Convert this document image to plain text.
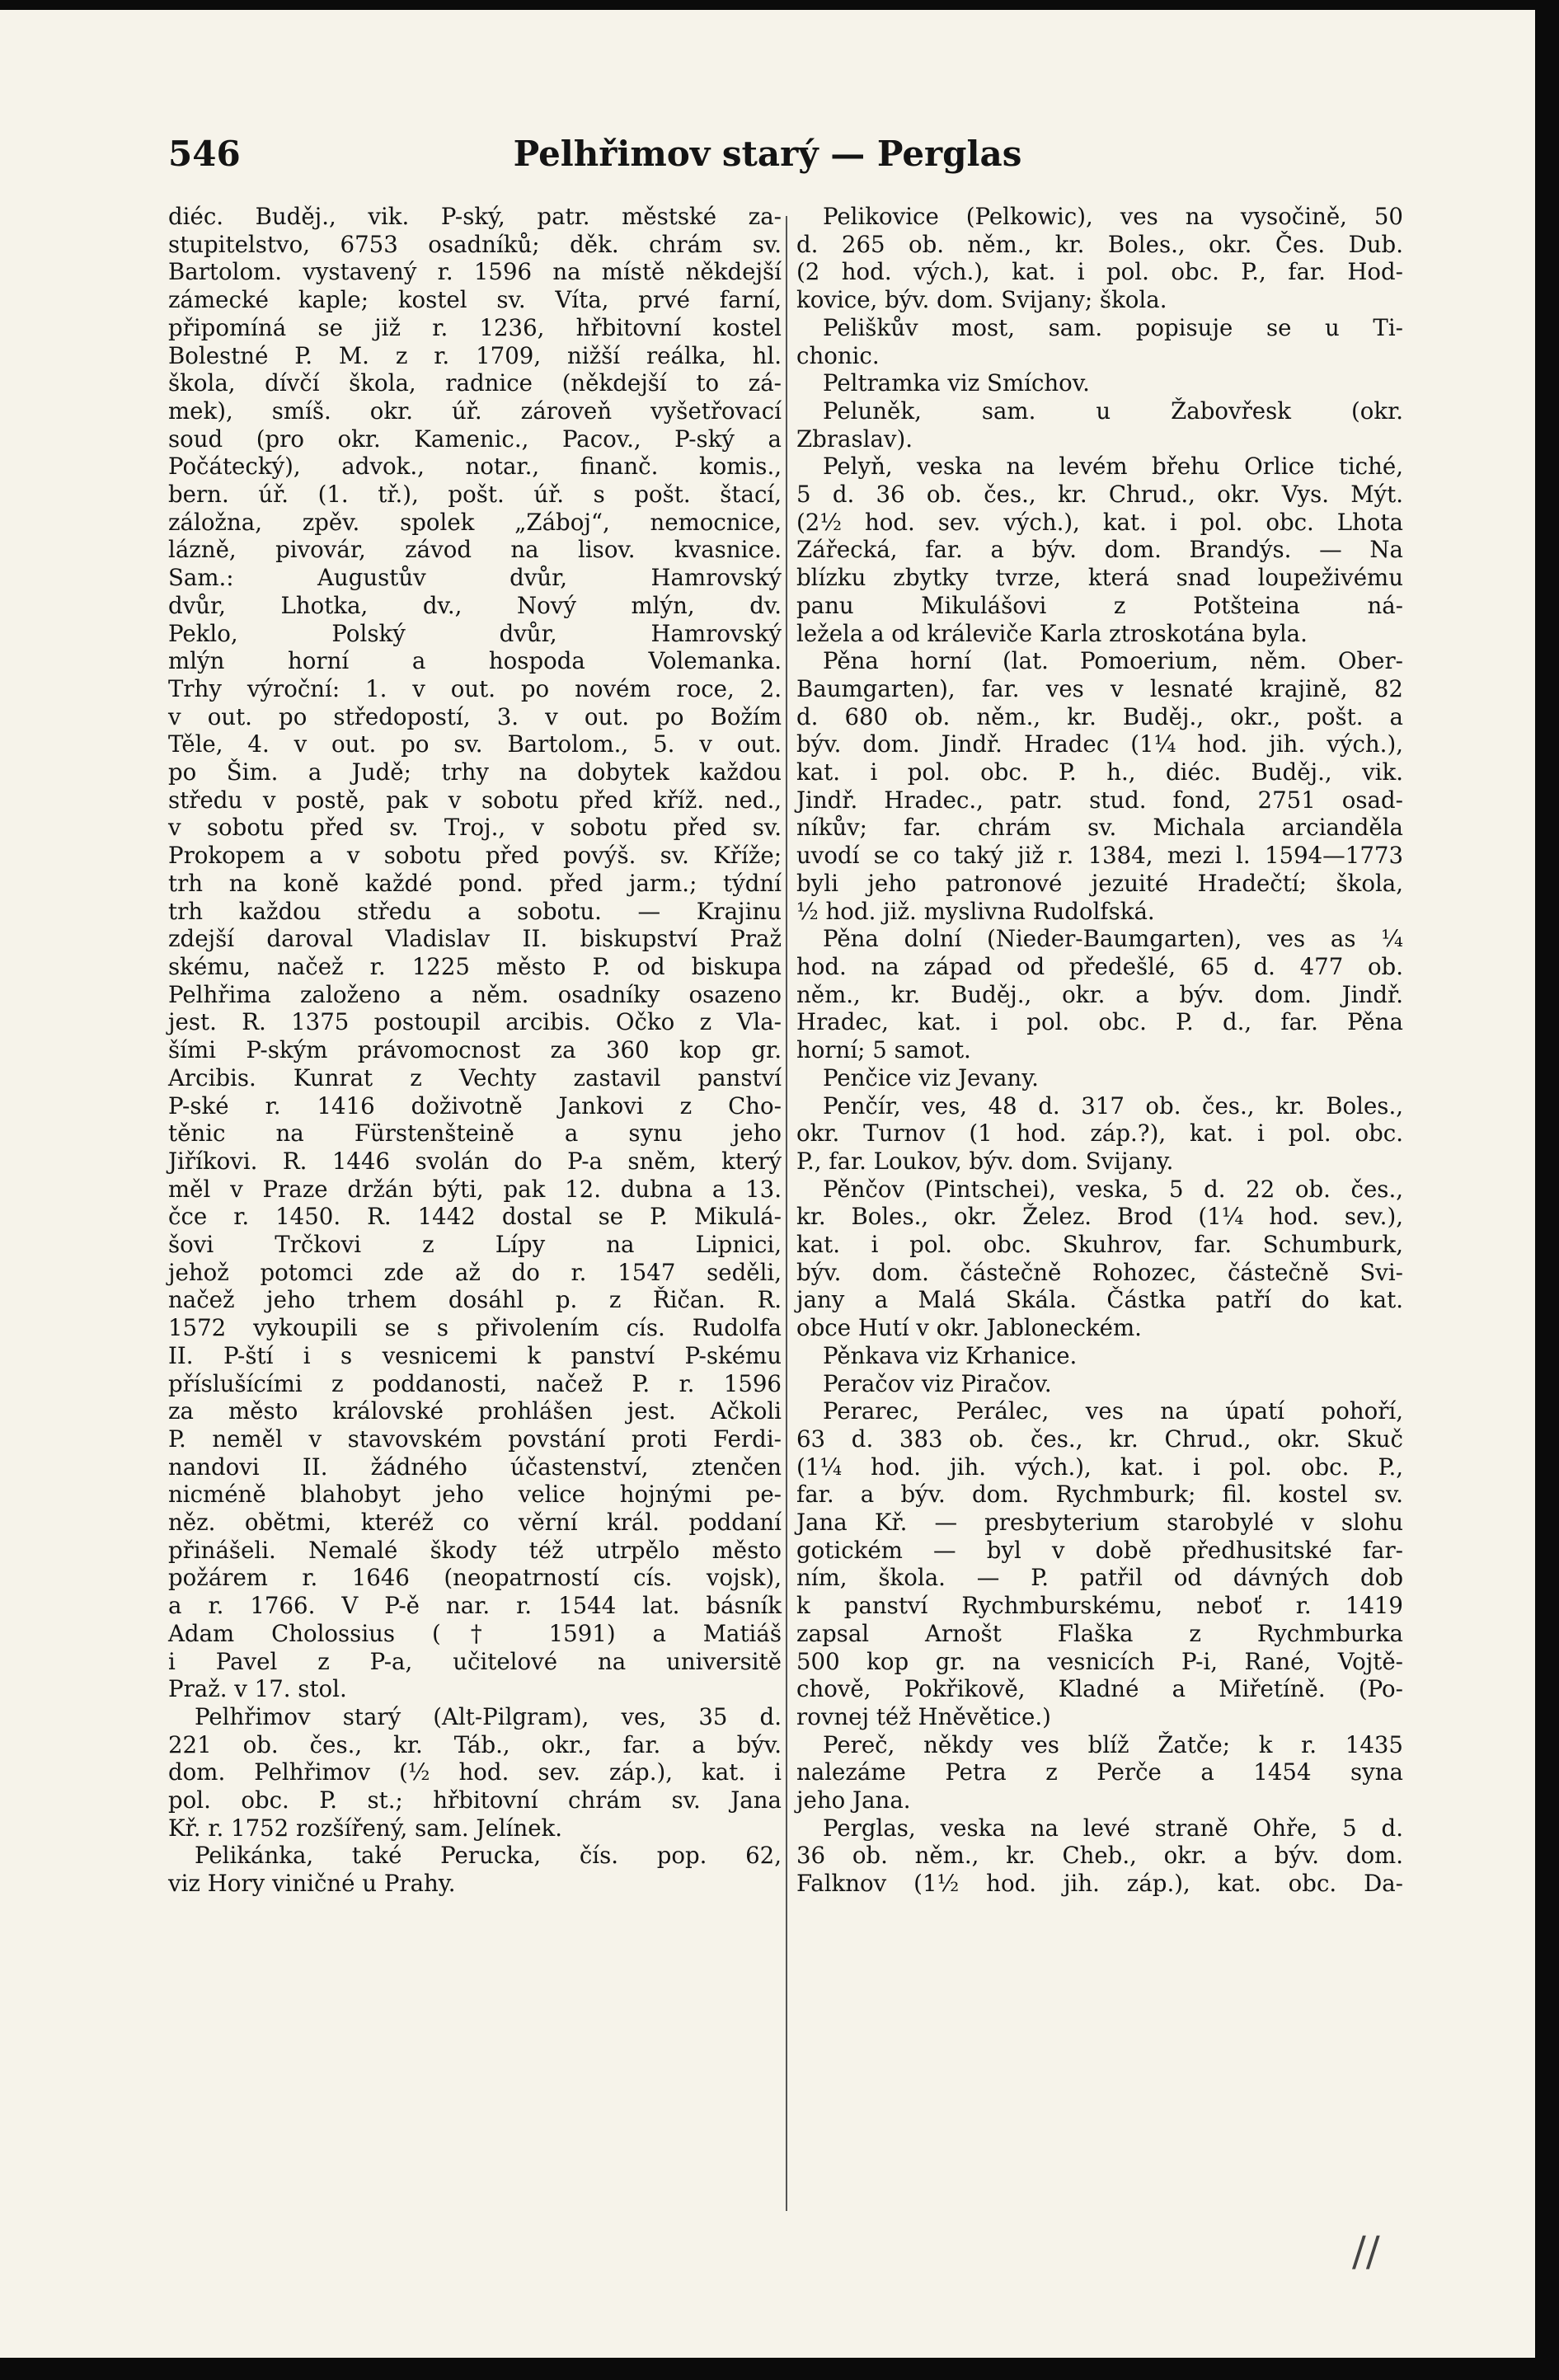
546	Pelhřimov starý — Perglas

diéc. Buděj., vik. P-ský, patr. městské za-

stupitelstvo, 6753 osadníků; děk. chrám sv.

Bartolom. vystavený r. 1596 na místě někdejší

zámecké kaple; kostel sv. Víta, prvé farní,

připomíná se již r. 1236, hřbitovní kostel

Bolestné P. M. z r. 1709, nižší reálka, hl.

škola, dívčí škola, radnice (někdejší to zá-

mek), smíš. okr. úř. zároveň vyšetřovací

soud (pro okr. Kamenic., Pacov., P-ský a

Počátecký), advok., notar., finanč. komis.,

bern. úř. (1. tř.), pošt. úř. s pošt. štací,

záložna, zpěv. spolek „Záboj“, nemocnice,

lázně, pivovár, závod na lisov. kvasnice.

Sam.: Augustův dvůr, Hamrovský

dvůr, Lhotka, dv., Nový mlýn, dv.

Peklo, Polský dvůr, Hamrovský

mlýn horní a hospoda Volemanka.

Trhy výroční: 1. v out. po novém roce, 2.

v out. po středopostí, 3. v out. po Božím

Těle, 4. v out. po sv. Bartolom., 5. v out.

po Šim. a Judě; trhy na dobytek každou

středu v postě, pak v sobotu před kříž. ned.,

v sobotu před sv. Troj., v sobotu před sv.

Prokopem a v sobotu před povýš. sv. Kříže;

trh na koně každé pond. před jarm.; týdní

trh každou středu a sobotu. — Krajinu

zdejší daroval Vladislav II. biskupství Praž

skému, načež r. 1225 město P. od biskupa

Pelhřima založeno a něm. osadníky osazeno

jest. R. 1375 postoupil arcibis. Očko z Vla-

šími P-ským právomocnost za 360 kop gr.

Arcibis. Kunrat z Vechty zastavil panství

P-ské r. 1416 doživotně Jankovi z Cho-

těnic na Fürstenšteině a synu jeho

Jiříkovi. R. 1446 svolán do P-a sněm, který

měl v Praze držán býti, pak 12. dubna a 13.

čce r. 1450. R. 1442 dostal se P. Mikulá-

šovi Trčkovi z Lípy na Lipnici,

jehož potomci zde až do r. 1547 seděli,

načež jeho trhem dosáhl p. z Řičan. R.

1572 vykoupili se s přivolením cís. Rudolfa

II. P-ští i s vesnicemi k panství P-skému

příslušícími z poddanosti, načež P. r. 1596

za město královské prohlášen jest. Ačkoli

P. neměl v stavovském povstání proti Ferdi-

nandovi II. žádného účastenství, ztenčen

nicméně blahobyt jeho velice hojnými pe-

něz. obětmi, kteréž co věrní král. poddaní

přinášeli. Nemalé škody též utrpělo město

požárem r. 1646 (neopatrností cís. vojsk),

a r. 1766. V P-ě nar. r. 1544 lat. básník

Adam Cholossius († 1591) a Matiáš

i Pavel z P-a, učitelové na universitě

Praž. v 17. stol.

Pelhřimov starý (Alt-Pilgram), ves, 35 d.

221 ob. čes., kr. Táb., okr., far. a býv.

dom. Pelhřimov (½ hod. sev. záp.), kat. i

pol. obc. P. st.; hřbitovní chrám sv. Jana

Kř. r. 1752 rozšířený, sam. Jelínek.

Pelikánka, také Perucka, čís. pop. 62,

viz Hory viničné u Prahy.

Pelikovice (Pelkowic), ves na vysočině, 50

d. 265 ob. něm., kr. Boles., okr. Čes. Dub.

(2 hod. vých.), kat. i pol. obc. P., far. Hod-

kovice, býv. dom. Svijany; škola.

Peliškův most, sam. popisuje se u Ti-

chonic.

Peltramka viz Smíchov.

Peluněk, sam. u Žabovřesk (okr.

Zbraslav).

Pelyň, veska na levém břehu Orlice tiché,

5 d. 36 ob. čes., kr. Chrud., okr. Vys. Mýt.

(2½ hod. sev. vých.), kat. i pol. obc. Lhota

Zářecká, far. a býv. dom. Brandýs. — Na

blízku zbytky tvrze, která snad loupeživému

panu Mikulášovi z Potšteina ná-

ležela a od králeviče Karla ztroskotána byla.

Pěna horní (lat. Pomoerium, něm. Ober-

Baumgarten), far. ves v lesnaté krajině, 82

d. 680 ob. něm., kr. Buděj., okr., pošt. a

býv. dom. Jindř. Hradec (1¼ hod. jih. vých.),

kat. i pol. obc. P. h., diéc. Buděj., vik.

Jindř. Hradec., patr. stud. fond, 2751 osad-

níkův; far. chrám sv. Michala arcianděla

uvodí se co taký již r. 1384, mezi l. 1594—1773

byli jeho patronové jezuité Hradečtí; škola,

½ hod. již. myslivna Rudolfská.

Pěna dolní (Nieder-Baumgarten), ves as ¼

hod. na západ od předešlé, 65 d. 477 ob.

něm., kr. Buděj., okr. a býv. dom. Jindř.

Hradec, kat. i pol. obc. P. d., far. Pěna

horní; 5 samot.

Penčice viz Jevany.

Penčír, ves, 48 d. 317 ob. čes., kr. Boles.,

okr. Turnov (1 hod. záp.?), kat. i pol. obc.

P., far. Loukov, býv. dom. Svijany.

Pěnčov (Pintschei), veska, 5 d. 22 ob. čes.,

kr. Boles., okr. Želez. Brod (1¼ hod. sev.),

kat. i pol. obc. Skuhrov, far. Schumburk,

býv. dom. částečně Rohozec, částečně Svi-

jany a Malá Skála. Částka patří do kat.

obce Hutí v okr. Jabloneckém.

Pěnkava viz Krhanice.

Peračov viz Piračov.

Perarec, Perálec, ves na úpatí pohoří,

63 d. 383 ob. čes., kr. Chrud., okr. Skuč

(1¼ hod. jih. vých.), kat. i pol. obc. P.,

far. a býv. dom. Rychmburk; fil. kostel sv.

Jana Kř. — presbyterium starobylé v slohu

gotickém — byl v době předhusitské far-

ním, škola. — P. patřil od dávných dob

k panství Rychmburskému, neboť r. 1419

zapsal Arnošt Flaška z Rychmburka

500 kop gr. na vesnicích P-i, Rané, Vojtě-

chově, Pokřikově, Kladné a Miřetíně. (Po-

rovnej též Hněvětice.)

Pereč, někdy ves blíž Žatče; k r. 1435

nalezáme Petra z Perče a 1454 syna

jeho Jana.

Perglas, veska na levé straně Ohře, 5 d.

36 ob. něm., kr. Cheb., okr. a býv. dom.

Falknov (1½ hod. jih. záp.), kat. obc. Da-

//
